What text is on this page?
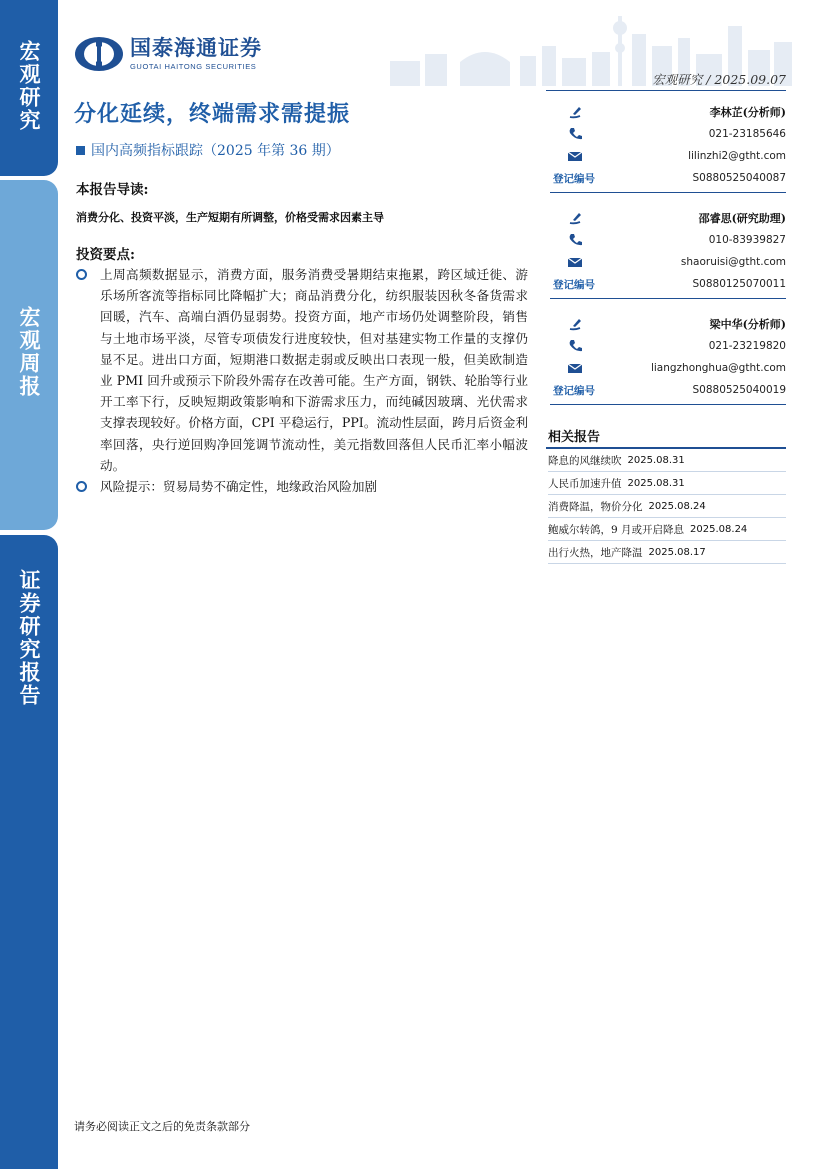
宏观研究
宏观周报
证券研究报告
国泰海通证券
GUOTAI HAITONG SECURITIES
宏观研究 / 2025.09.07
分化延续，终端需求需提振
国内高频指标跟踪（2025 年第 36 期）
本报告导读:
消费分化、投资平淡，生产短期有所调整，价格受需求因素主导
投资要点:
上周高频数据显示，消费方面，服务消费受暑期结束拖累，跨区域迁徙、游乐场所客流等指标同比降幅扩大；商品消费分化，纺织服装因秋冬备货需求回暖，汽车、高端白酒仍显弱势。投资方面，地产市场仍处调整阶段，销售与土地市场平淡，尽管专项债发行进度较快，但对基建实物工作量的支撑仍显不足。进出口方面，短期港口数据走弱或反映出口表现一般，但美欧制造业 PMI 回升或预示下阶段外需存在改善可能。生产方面，钢铁、轮胎等行业开工率下行，反映短期政策影响和下游需求压力，而纯碱因玻璃、光伏需求支撑表现较好。价格方面，CPI 平稳运行，PPI。流动性层面，跨月后资金利率回落，央行逆回购净回笼调节流动性，美元指数回落但人民币汇率小幅波动。
风险提示：贸易局势不确定性，地缘政治风险加剧
李林芷(分析师)
021-23185646
lilinzhi2@gtht.com
登记编号	S0880525040087
邵睿思(研究助理)
010-83939827
shaoruisi@gtht.com
登记编号	S0880125070011
梁中华(分析师)
021-23219820
liangzhonghua@gtht.com
登记编号	S0880525040019
相关报告
降息的风继续吹 2025.08.31
人民币加速升值 2025.08.31
消费降温，物价分化 2025.08.24
鲍威尔转鸽，9 月或开启降息 2025.08.24
出行火热，地产降温 2025.08.17
请务必阅读正文之后的免责条款部分
